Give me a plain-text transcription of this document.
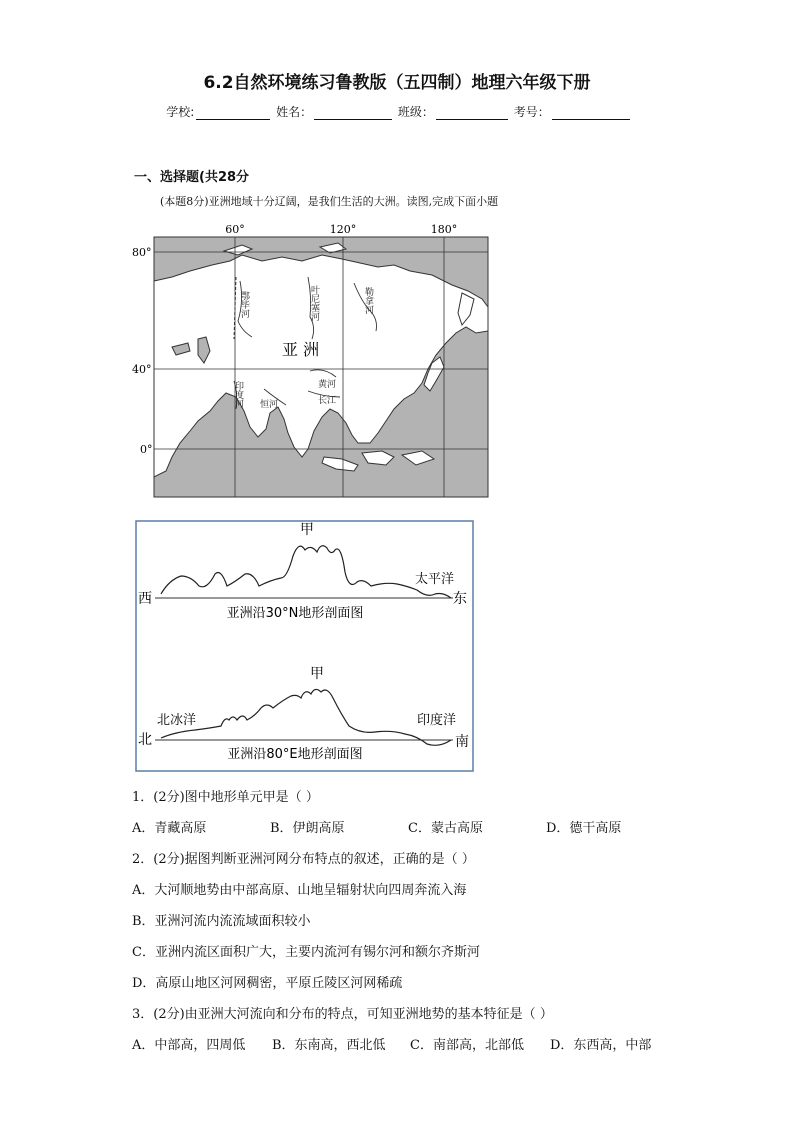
6.2自然环境练习鲁教版（五四制）地理六年级下册
学校:	姓名：	班级：	考号：
一、选择题(共28分
(本题8分)亚洲地域十分辽阔，是我们生活的大洲。读图,完成下面小题
60°	120°	180°
80°
40°
0°
鄂毕河	叶尼塞河	勒拿河
印度河 恒河
黄河
长江
亚 洲
甲
西	东
太平洋
亚洲沿30°N地形剖面图
甲
北	南
北冰洋	印度洋
亚洲沿80°E地形剖面图
1．(2分)图中地形单元甲是（ ）
A．青藏高原	B．伊朗高原	C．蒙古高原	D．德干高原
2．(2分)据图判断亚洲河网分布特点的叙述，正确的是（ ）
A．大河顺地势由中部高原、山地呈辐射状向四周奔流入海
B．亚洲河流内流流域面积较小
C．亚洲内流区面积广大，主要内流河有锡尔河和额尔齐斯河
D．高原山地区河网稠密，平原丘陵区河网稀疏
3．(2分)由亚洲大河流向和分布的特点，可知亚洲地势的基本特征是（ ）
A．中部高，四周低 B．东南高，西北低 C．南部高，北部低 D．东西高，中部
